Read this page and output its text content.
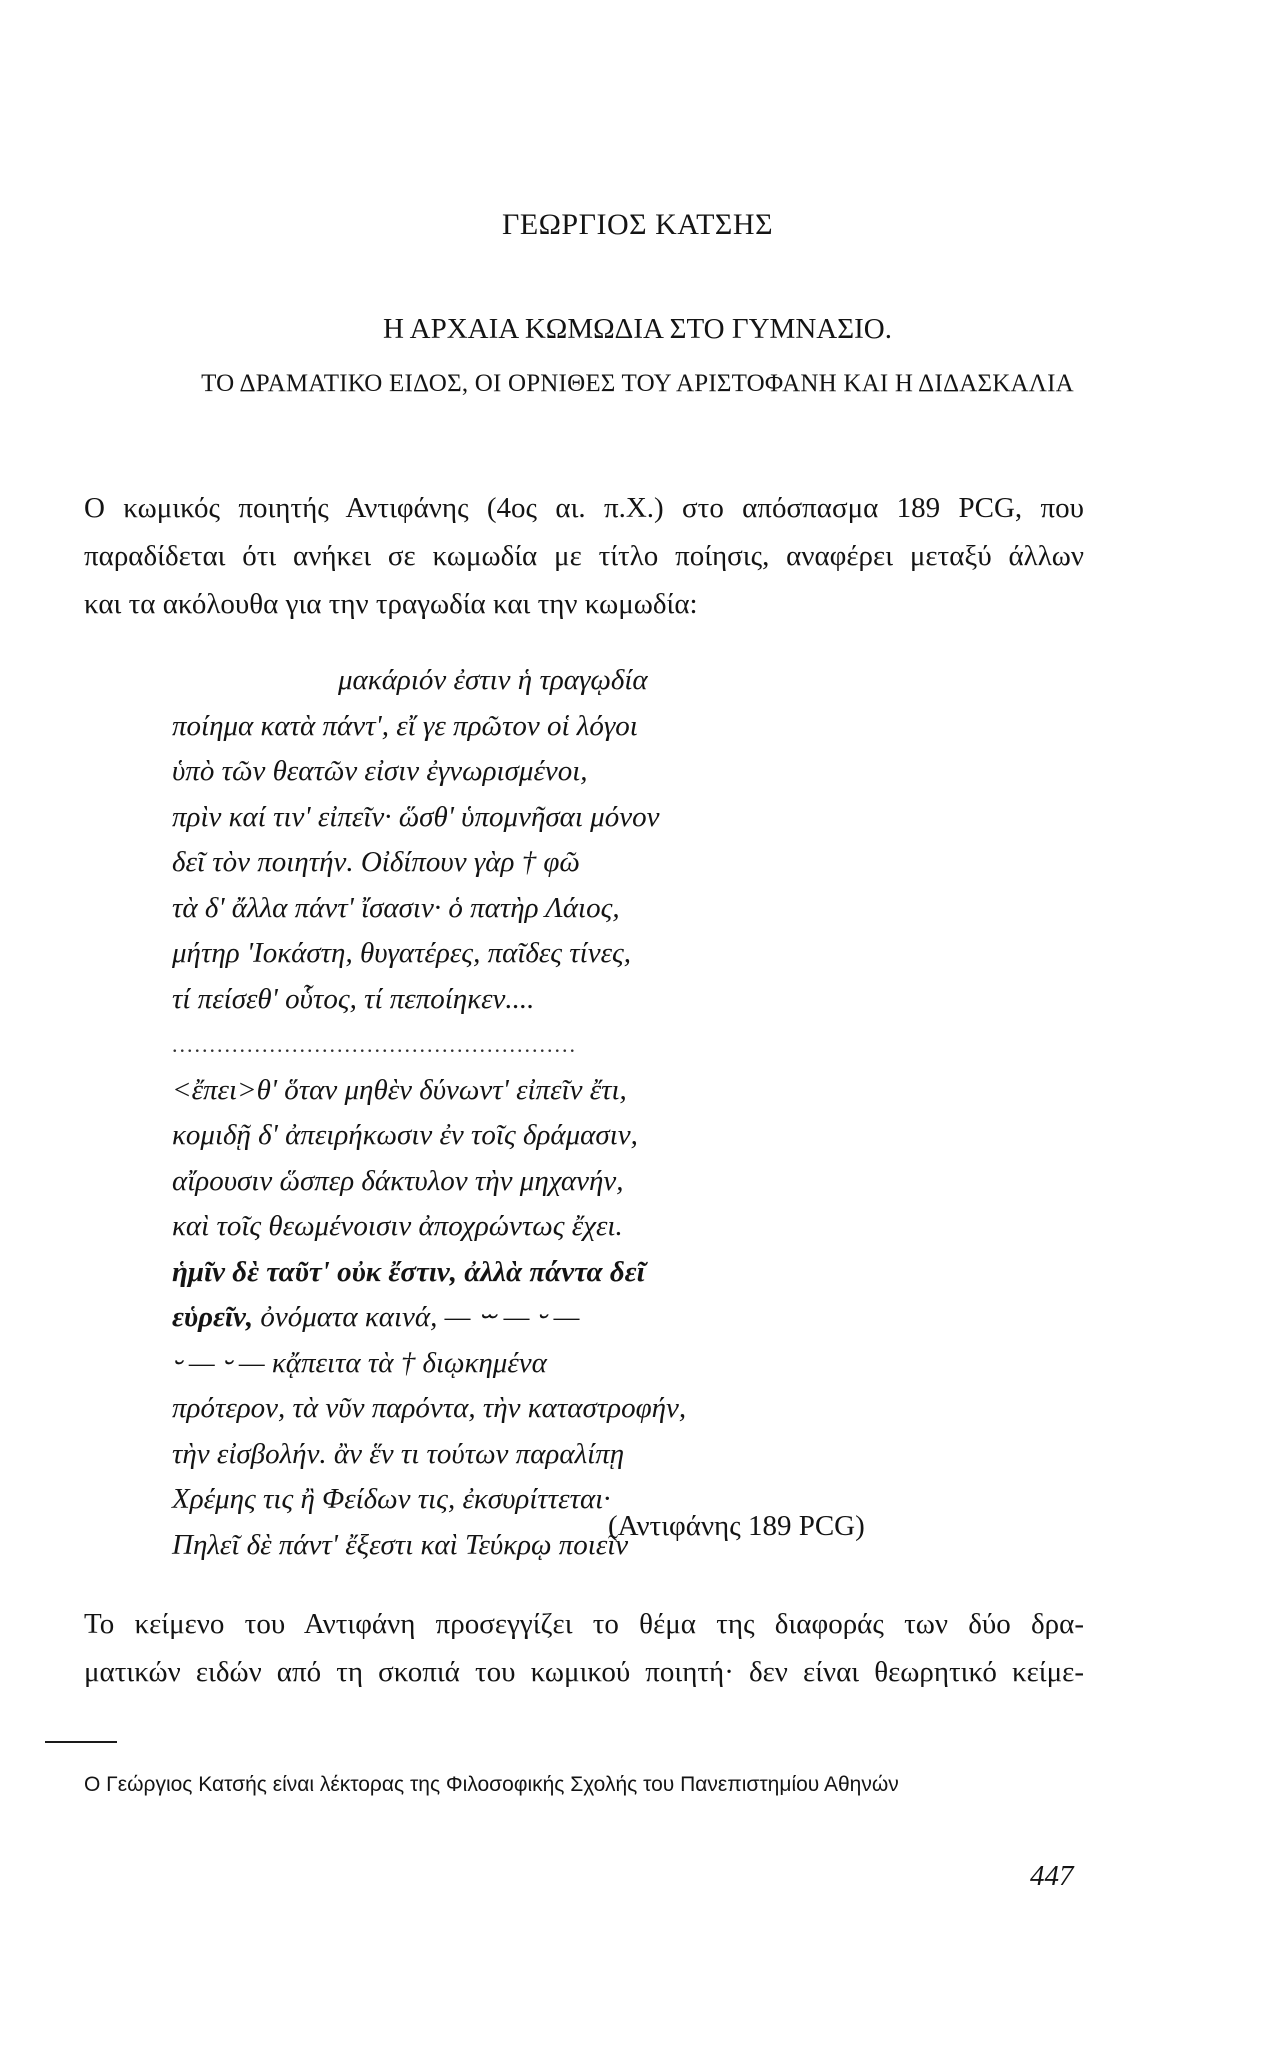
ΓΕΩΡΓΙΟΣ ΚΑΤΣΗΣ
Η ΑΡΧΑΙΑ ΚΩΜΩΔΙΑ ΣΤΟ ΓΥΜΝΑΣΙΟ.
ΤΟ ΔΡΑΜΑΤΙΚΟ ΕΙΔΟΣ, ΟΙ ΟΡΝΙΘΕΣ ΤΟΥ ΑΡΙΣΤΟΦΑΝΗ ΚΑΙ Η ΔΙΔΑΣΚΑΛΙΑ
Ο κωμικός ποιητής Αντιφάνης (4ος αι. π.Χ.) στο απόσπασμα 189 PCG, που
παραδίδεται ότι ανήκει σε κωμωδία με τίτλο ποίησις, αναφέρει μεταξύ άλλων
και τα ακόλουθα για την τραγωδία και την κωμωδία:
μακάριόν ἐστιν ἡ τραγῳδία
ποίημα κατὰ πάντ', εἴ γε πρῶτον οἱ λόγοι
ὑπὸ τῶν θεατῶν εἰσιν ἐγνωρισμένοι,
πρὶν καί τιν' εἰπεῖν· ὥσθ' ὑπομνῆσαι μόνον
δεῖ τὸν ποιητήν. Οἰδίπουν γὰρ † φῶ
τὰ δ' ἄλλα πάντ' ἴσασιν· ὁ πατὴρ Λάιος,
μήτηρ 'Ιοκάστη, θυγατέρες, παῖδες τίνες,
τί πείσεθ' οὗτος, τί πεποίηκεν....
......................................................
<ἔπει>θ' ὅταν μηθὲν δύνωντ' εἰπεῖν ἔτι,
κομιδῇ δ' ἀπειρήκωσιν ἐν τοῖς δράμασιν,
αἴρουσιν ὥσπερ δάκτυλον τὴν μηχανήν,
καὶ τοῖς θεωμένοισιν ἀποχρώντως ἔχει.
ἡμῖν δὲ ταῦτ' οὐκ ἔστιν, ἀλλὰ πάντα δεῖ
εὑρεῖν, ὀνόματα καινά, — ⏖ — ⏑ —
⏑ — ⏑ — κᾄπειτα τὰ † διῳκημένα
πρότερον, τὰ νῦν παρόντα, τὴν καταστροφήν,
τὴν εἰσβολήν. ἂν ἕν τι τούτων παραλίπῃ
Χρέμης τις ἢ Φείδων τις, ἐκσυρίττεται·
Πηλεῖ δὲ πάντ' ἔξεστι καὶ Τεύκρῳ ποιεῖν
(Αντιφάνης 189 PCG)
Το κείμενο του Αντιφάνη προσεγγίζει το θέμα της διαφοράς των δύο δρα-
ματικών ειδών από τη σκοπιά του κωμικού ποιητή· δεν είναι θεωρητικό κείμε-
Ο Γεώργιος Κατσής είναι λέκτορας της Φιλοσοφικής Σχολής του Πανεπιστημίου Αθηνών
447
